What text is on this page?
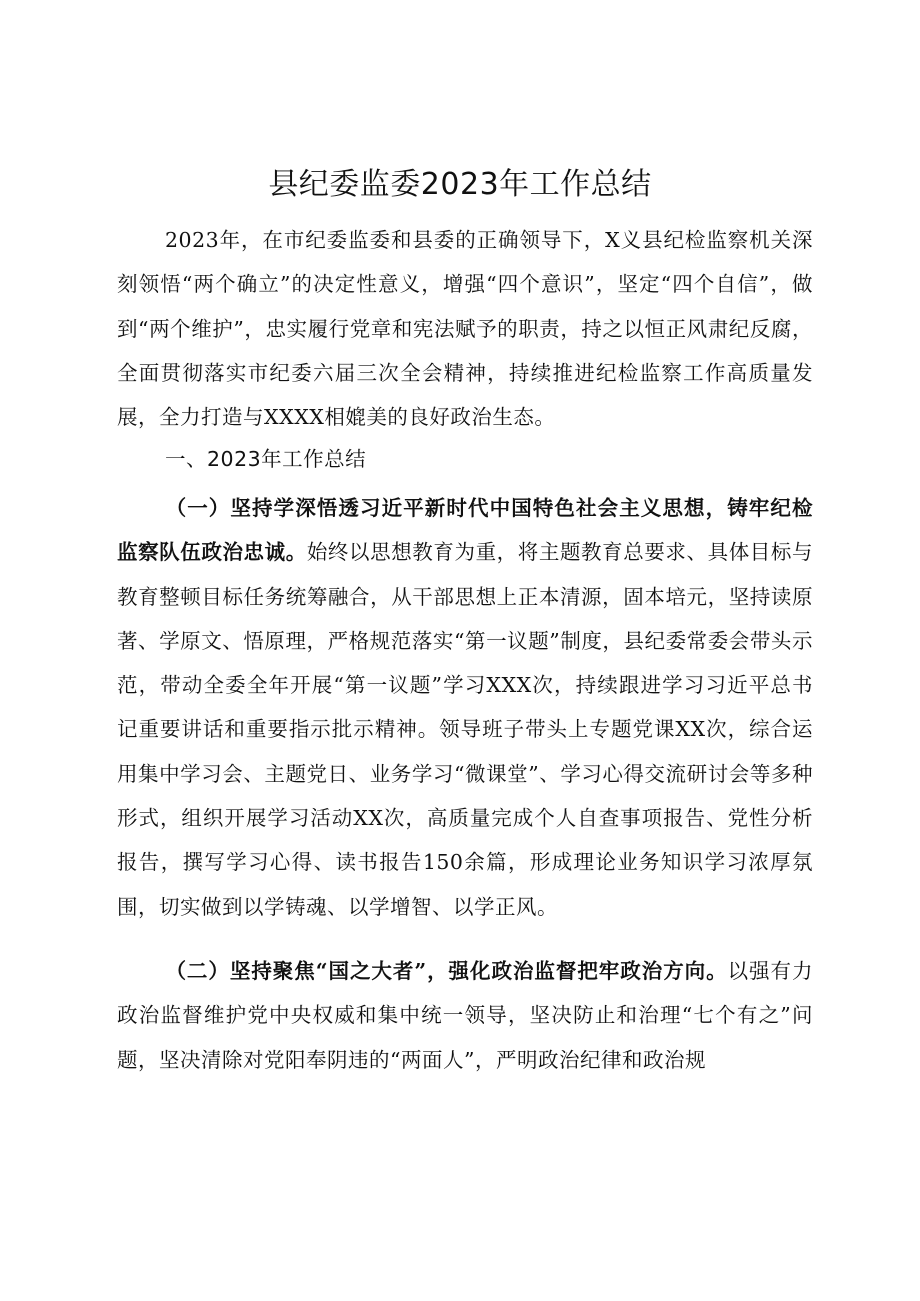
县纪委监委2023年工作总结

2023年，在市纪委监委和县委的正确领导下，X义县纪检监察机关深刻领悟“两个确立”的决定性意义，增强“四个意识”，坚定“四个自信”，做到“两个维护”，忠实履行党章和宪法赋予的职责，持之以恒正风肃纪反腐，全面贯彻落实市纪委六届三次全会精神，持续推进纪检监察工作高质量发展，全力打造与XXXX相媲美的良好政治生态。

一、2023年工作总结

（一）坚持学深悟透习近平新时代中国特色社会主义思想，铸牢纪检监察队伍政治忠诚。始终以思想教育为重，将主题教育总要求、具体目标与教育整顿目标任务统筹融合，从干部思想上正本清源，固本培元，坚持读原著、学原文、悟原理，严格规范落实“第一议题”制度，县纪委常委会带头示范，带动全委全年开展“第一议题”学习XXX次，持续跟进学习习近平总书记重要讲话和重要指示批示精神。领导班子带头上专题党课XX次，综合运用集中学习会、主题党日、业务学习“微课堂”、学习心得交流研讨会等多种形式，组织开展学习活动XX次，高质量完成个人自查事项报告、党性分析报告，撰写学习心得、读书报告150余篇，形成理论业务知识学习浓厚氛围，切实做到以学铸魂、以学增智、以学正风。

（二）坚持聚焦“国之大者”，强化政治监督把牢政治方向。以强有力政治监督维护党中央权威和集中统一领导，坚决防止和治理“七个有之”问题，坚决清除对党阳奉阴违的“两面人”，严明政治纪律和政治规
